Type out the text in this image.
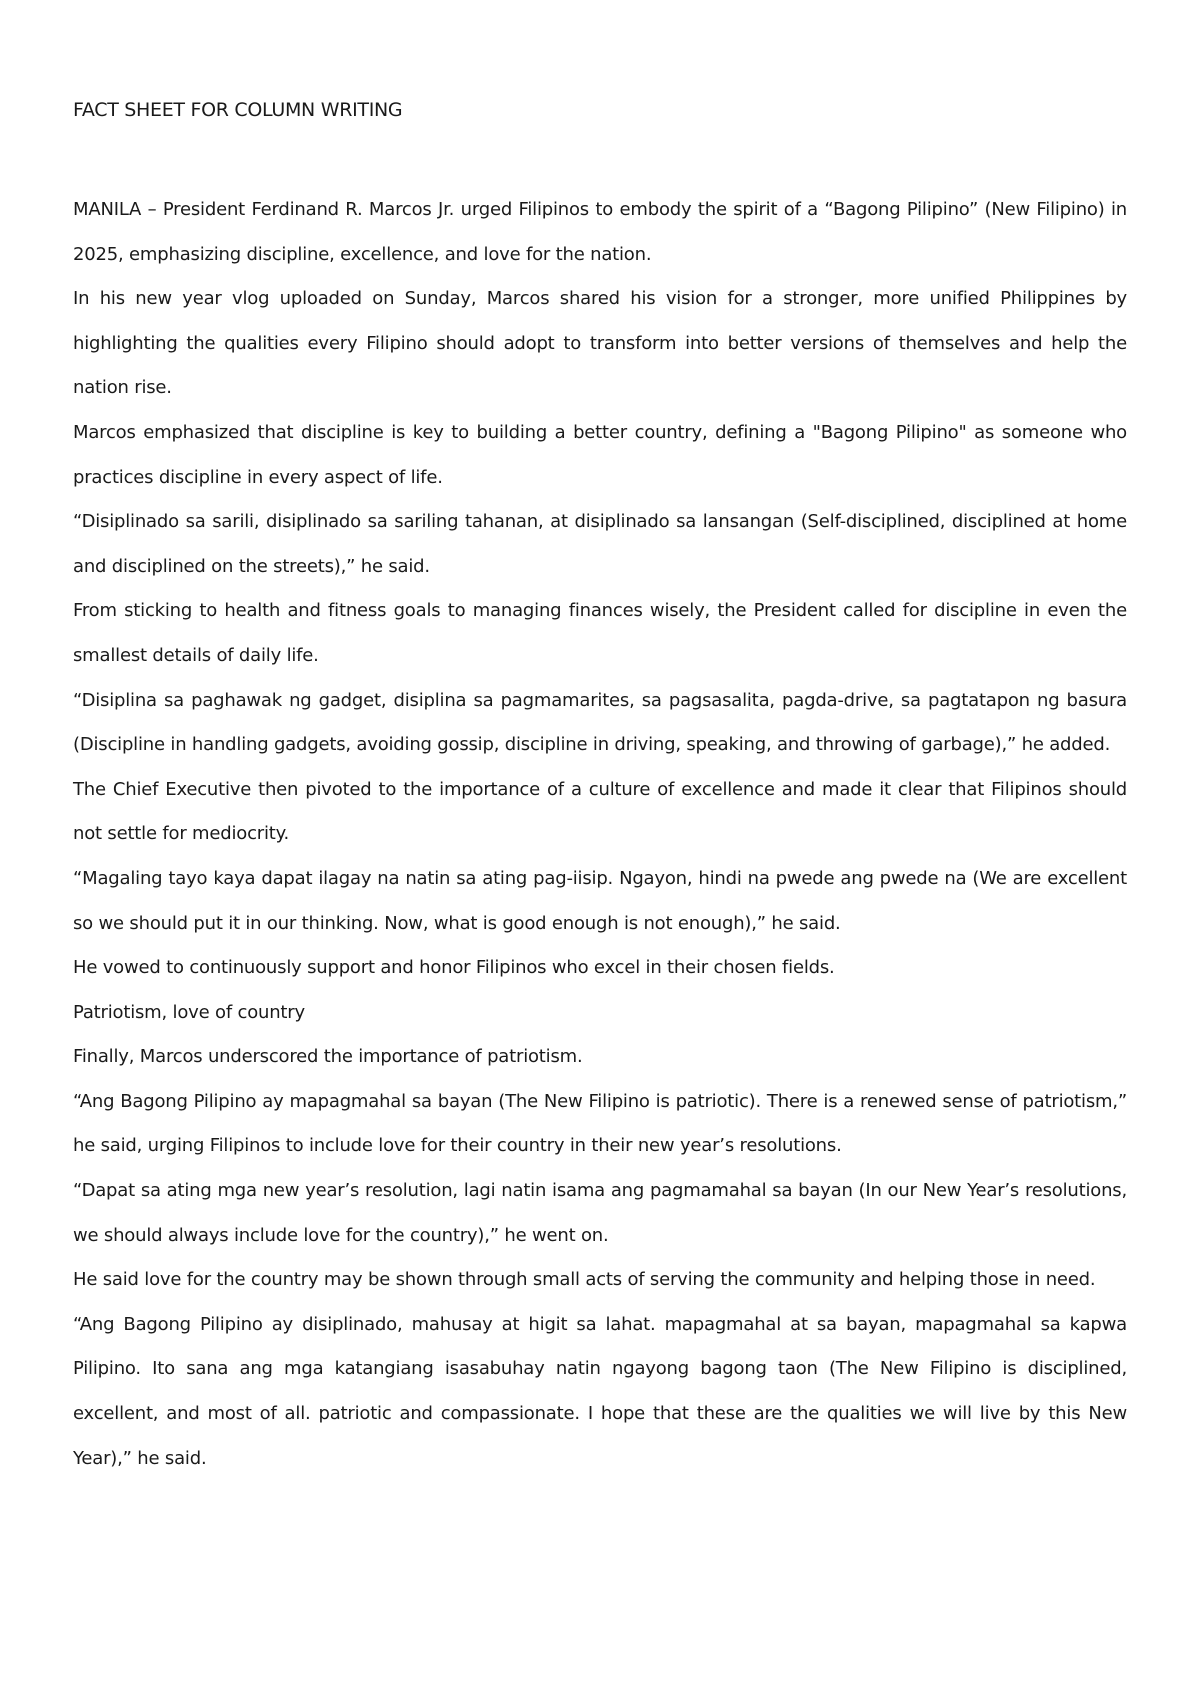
FACT SHEET FOR COLUMN WRITING

MANILA – President Ferdinand R. Marcos Jr. urged Filipinos to embody the spirit of a “Bagong Pilipino” (New Filipino) in 2025, emphasizing discipline, excellence, and love for the nation.

In his new year vlog uploaded on Sunday, Marcos shared his vision for a stronger, more unified Philippines by highlighting the qualities every Filipino should adopt to transform into better versions of themselves and help the nation rise.

Marcos emphasized that discipline is key to building a better country, defining a "Bagong Pilipino" as someone who practices discipline in every aspect of life.

“Disiplinado sa sarili, disiplinado sa sariling tahanan, at disiplinado sa lansangan (Self-disciplined, disciplined at home and disciplined on the streets),” he said.

From sticking to health and fitness goals to managing finances wisely, the President called for discipline in even the smallest details of daily life.

“Disiplina sa paghawak ng gadget, disiplina sa pagmamarites, sa pagsasalita, pagda-drive, sa pagtatapon ng basura (Discipline in handling gadgets, avoiding gossip, discipline in driving, speaking, and throwing of garbage),” he added.

The Chief Executive then pivoted to the importance of a culture of excellence and made it clear that Filipinos should not settle for mediocrity.

“Magaling tayo kaya dapat ilagay na natin sa ating pag-iisip. Ngayon, hindi na pwede ang pwede na (We are excellent so we should put it in our thinking. Now, what is good enough is not enough),” he said.

He vowed to continuously support and honor Filipinos who excel in their chosen fields.

Patriotism, love of country

Finally, Marcos underscored the importance of patriotism.

“Ang Bagong Pilipino ay mapagmahal sa bayan (The New Filipino is patriotic). There is a renewed sense of patriotism,” he said, urging Filipinos to include love for their country in their new year’s resolutions.

“Dapat sa ating mga new year’s resolution, lagi natin isama ang pagmamahal sa bayan (In our New Year’s resolutions, we should always include love for the country),” he went on.

He said love for the country may be shown through small acts of serving the community and helping those in need.

“Ang Bagong Pilipino ay disiplinado, mahusay at higit sa lahat. mapagmahal at sa bayan, mapagmahal sa kapwa Pilipino. Ito sana ang mga katangiang isasabuhay natin ngayong bagong taon (The New Filipino is disciplined, excellent, and most of all. patriotic and compassionate. I hope that these are the qualities we will live by this New Year),” he said.
